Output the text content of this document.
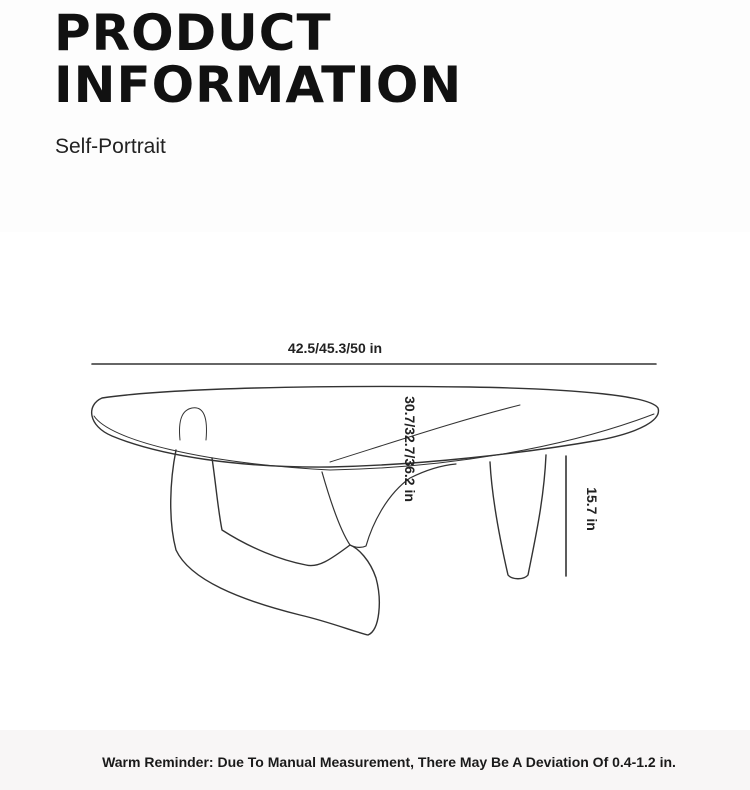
PRODUCT
INFORMATION
Self-Portrait
42.5/45.3/50 in
30.7/32.7/36.2 in
15.7 in
Warm Reminder: Due To Manual Measurement, There May Be A Deviation Of 0.4-1.2 in.
